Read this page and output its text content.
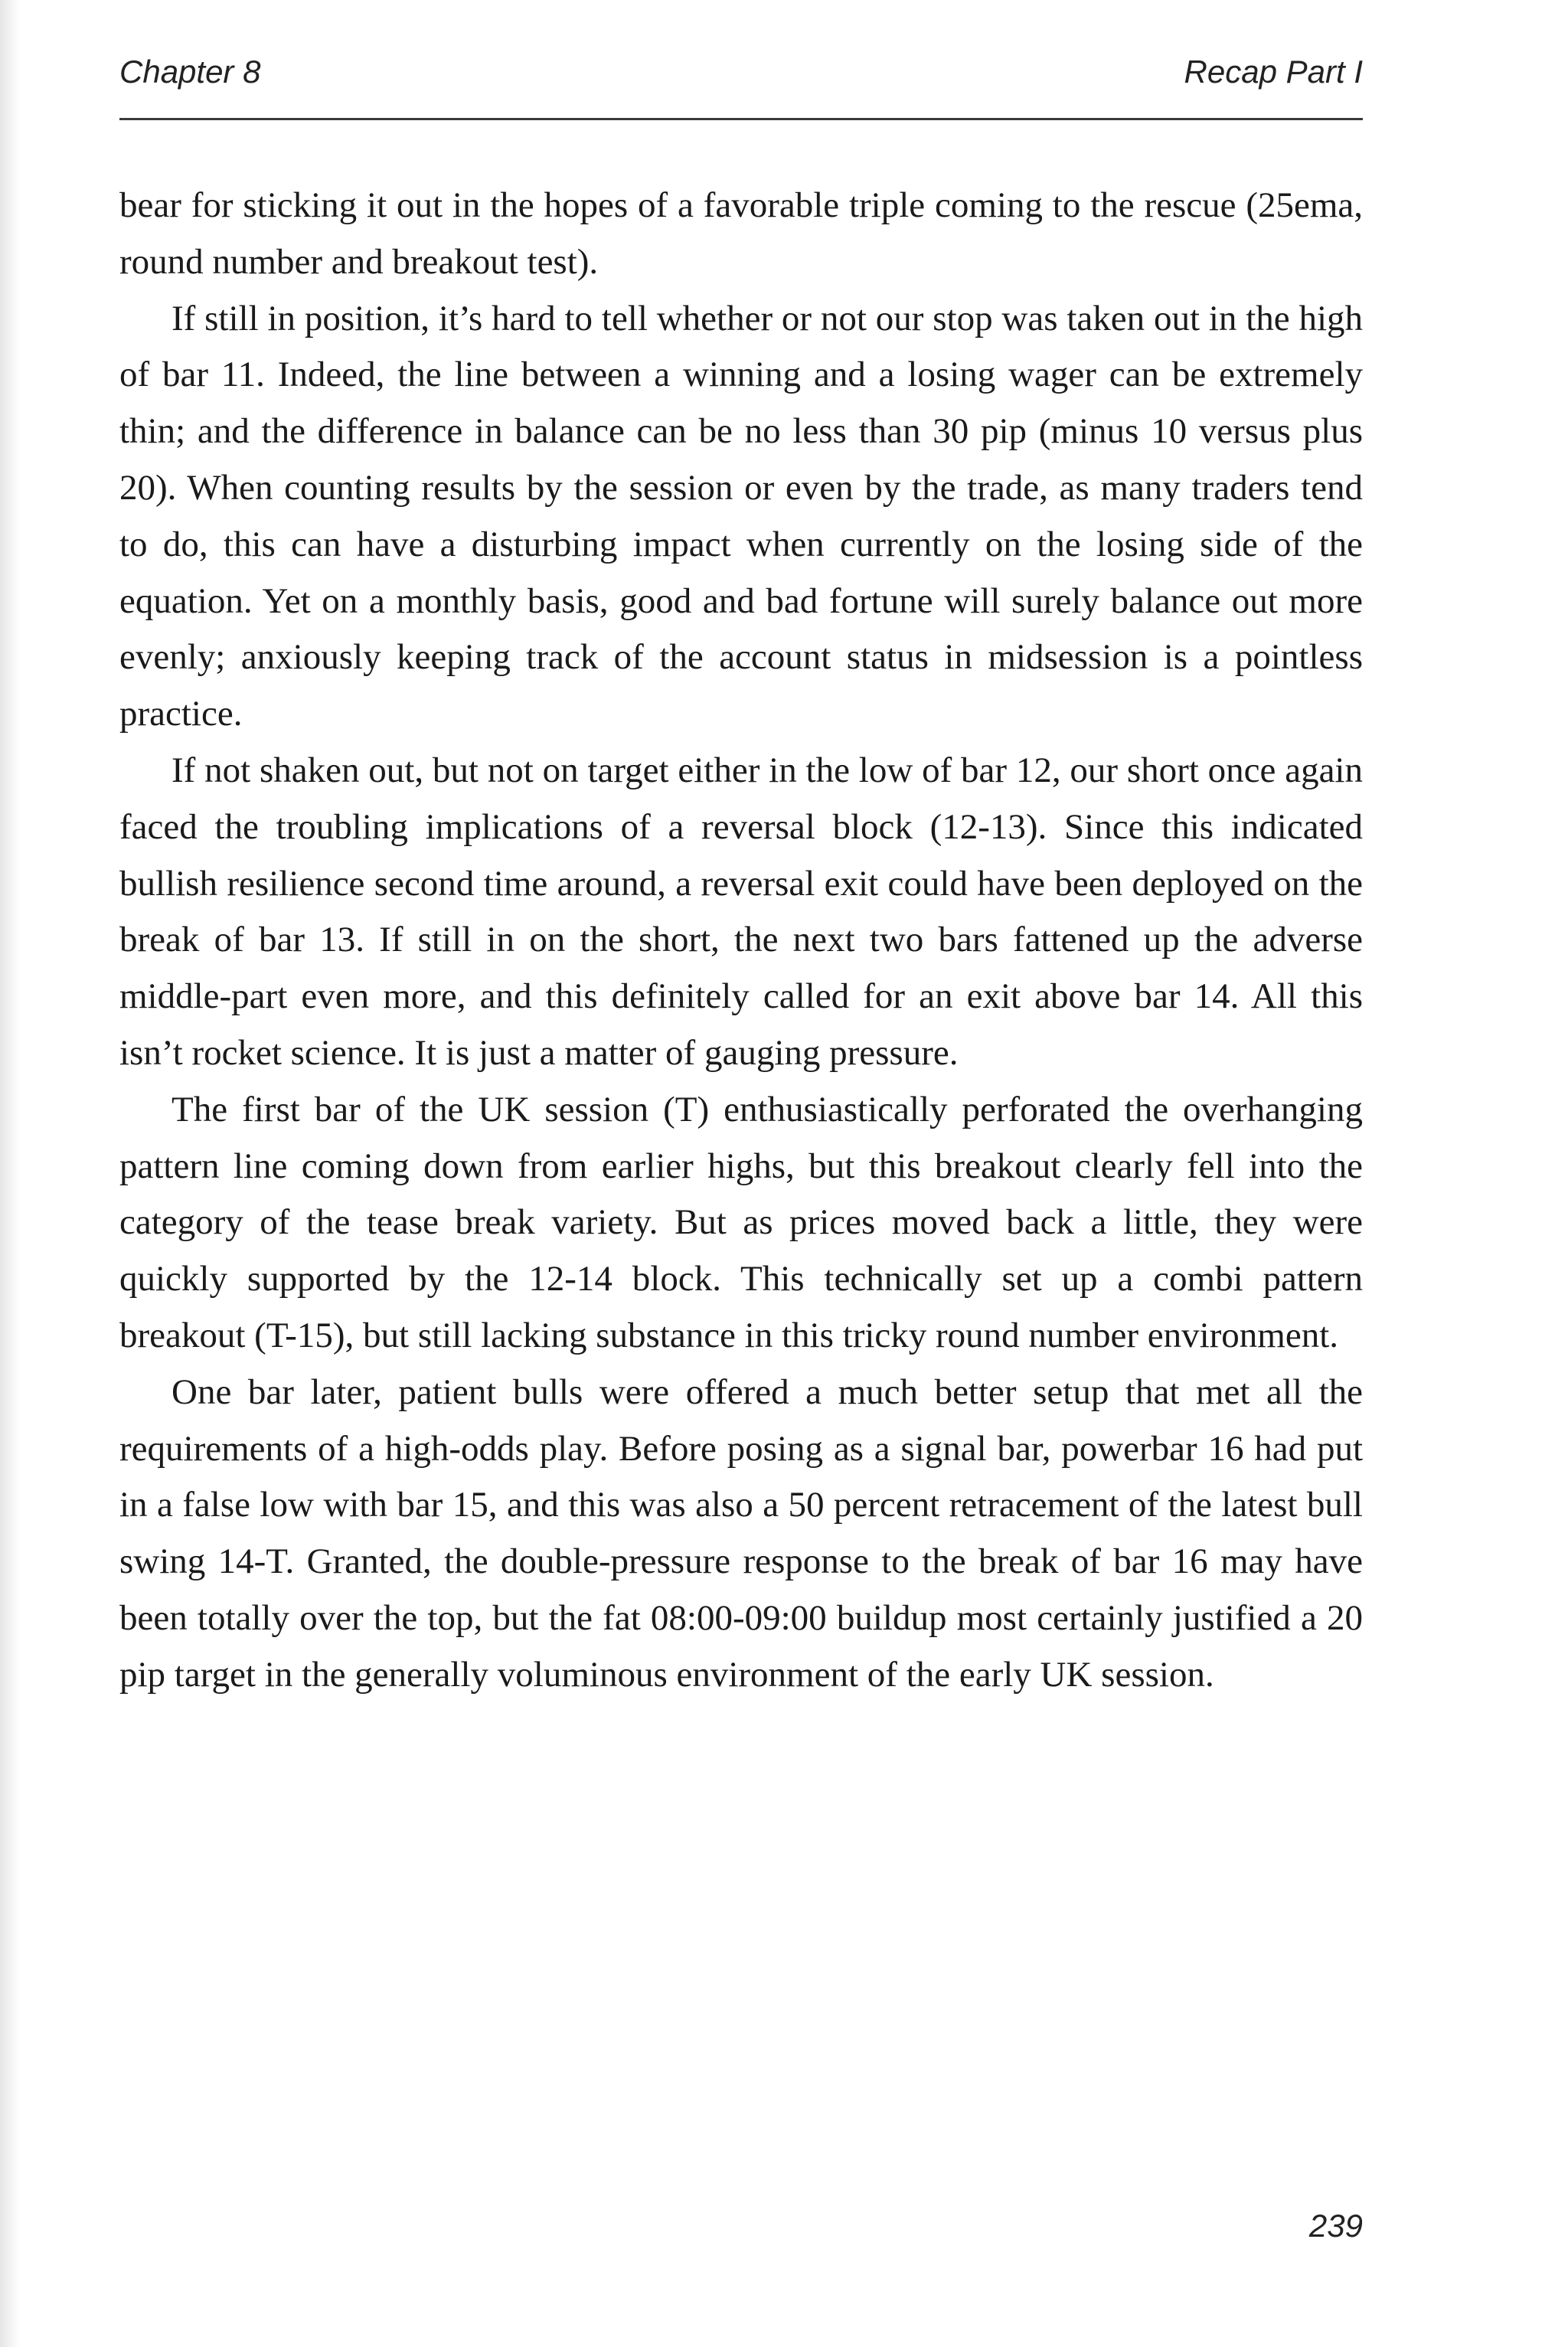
Chapter 8	Recap Part I

bear for sticking it out in the hopes of a favorable triple coming to the rescue (25ema, round number and breakout test).

If still in position, it’s hard to tell whether or not our stop was taken out in the high of bar 11. Indeed, the line between a winning and a losing wager can be extremely thin; and the difference in balance can be no less than 30 pip (minus 10 versus plus 20). When counting results by the session or even by the trade, as many traders tend to do, this can have a disturbing impact when currently on the losing side of the equation. Yet on a monthly basis, good and bad fortune will surely balance out more evenly; anxiously keeping track of the account status in midsession is a pointless practice.

If not shaken out, but not on target either in the low of bar 12, our short once again faced the troubling implications of a reversal block (12-13). Since this indicated bullish resilience second time around, a reversal exit could have been deployed on the break of bar 13. If still in on the short, the next two bars fattened up the adverse middle-part even more, and this definitely called for an exit above bar 14. All this isn’t rocket science. It is just a matter of gauging pressure.

The first bar of the UK session (T) enthusiastically perforated the overhanging pattern line coming down from earlier highs, but this breakout clearly fell into the category of the tease break variety. But as prices moved back a little, they were quickly supported by the 12-14 block. This technically set up a combi pattern breakout (T-15), but still lacking substance in this tricky round number environment.

One bar later, patient bulls were offered a much better setup that met all the requirements of a high-odds play. Before posing as a signal bar, powerbar 16 had put in a false low with bar 15, and this was also a 50 percent retracement of the latest bull swing 14-T. Granted, the double-pressure response to the break of bar 16 may have been totally over the top, but the fat 08:00-09:00 buildup most certainly justified a 20 pip target in the generally voluminous environment of the early UK session.

239
